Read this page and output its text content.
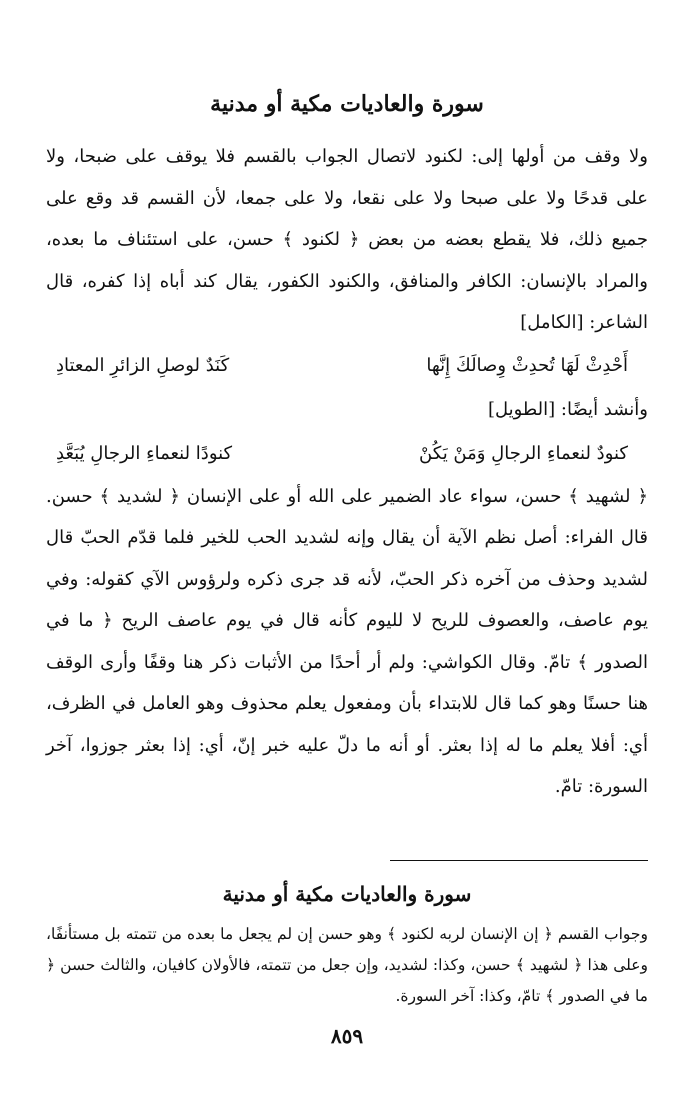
سورة والعاديات مكية أو مدنية

ولا وقف من أولها إلى: لكنود لاتصال الجواب بالقسم فلا يوقف على ضبحا، ولا على قدحًا ولا على صبحا ولا على نقعا، ولا على جمعا، لأن القسم قد وقع على جميع ذلك، فلا يقطع بعضه من بعض ﴿ لكنود ﴾ حسن، على استئناف ما بعده، والمراد بالإنسان: الكافر والمنافق، والكنود الكفور، يقال كند أباه إذا كفره، قال الشاعر: [الكامل]

أَحْدِثْ لَهَا تُحدِثْ وِصالَكَ إِنَّها
كَنَدٌ لوصلِ الزائرِ المعتادِ

وأنشد أيضًا: [الطويل]

كنودٌ لنعماءِ الرجالِ وَمَنْ يَكُنْ
كنودًا لنعماءِ الرجالِ يُبَعَّدِ

﴿ لشهيد ﴾ حسن، سواء عاد الضمير على الله أو على الإنسان ﴿ لشديد ﴾ حسن. قال الفراء: أصل نظم الآية أن يقال وإنه لشديد الحب للخير فلما قدّم الحبّ قال لشديد وحذف من آخره ذكر الحبّ، لأنه قد جرى ذكره ولرؤوس الآي كقوله: وفي يوم عاصف، والعصوف للريح لا لليوم كأنه قال في يوم عاصف الريح ﴿ ما في الصدور ﴾ تامّ. وقال الكواشي: ولم أر أحدًا من الأثبات ذكر هنا وقفًا وأرى الوقف هنا حسنًا وهو كما قال للابتداء بأن ومفعول يعلم محذوف وهو العامل في الظرف، أي: أفلا يعلم ما له إذا بعثر. أو أنه ما دلّ عليه خبر إنّ، أي: إذا بعثر جوزوا، آخر السورة: تامّ.

سورة والعاديات مكية أو مدنية

وجواب القسم ﴿ إن الإنسان لربه لكنود ﴾ وهو حسن إن لم يجعل ما بعده من تتمته بل مستأنفًا، وعلى هذا ﴿ لشهيد ﴾ حسن، وكذا: لشديد، وإن جعل من تتمته، فالأولان كافيان، والثالث حسن ﴿ ما في الصدور ﴾ تامّ، وكذا: آخر السورة.

٨٥٩
